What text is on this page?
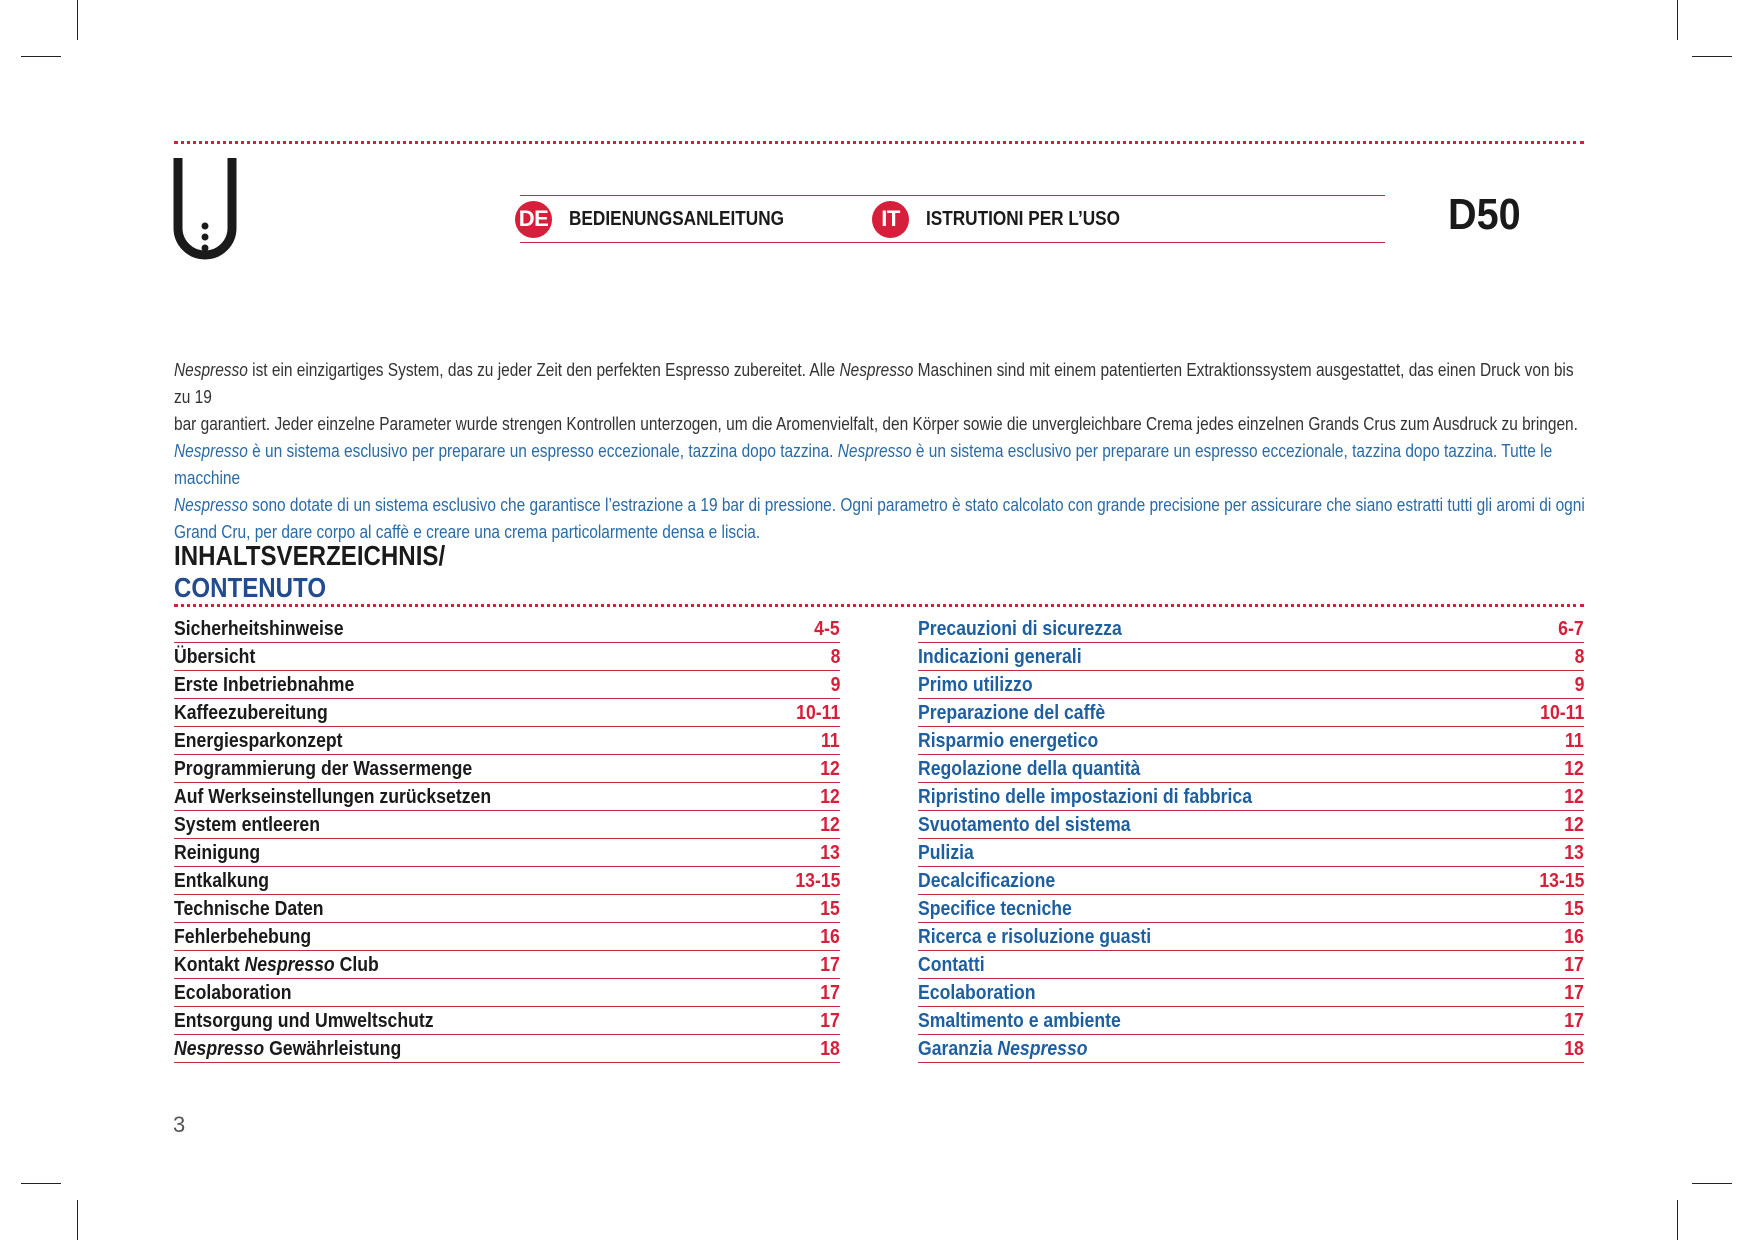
DE BEDIENUNGSANLEITUNG	IT	ISTRUTIONI PER L’USO	D50

Nespresso ist ein einzigartiges System, das zu jeder Zeit den perfekten Espresso zubereitet. Alle Nespresso Maschinen sind mit einem patentierten Extraktionssystem ausgestattet, das einen Druck von bis zu 19

bar garantiert. Jeder einzelne Parameter wurde strengen Kontrollen unterzogen, um die Aromenvielfalt, den Körper sowie die unvergleichbare Crema jedes einzelnen Grands Crus zum Ausdruck zu bringen.

Nespresso è un sistema esclusivo per preparare un espresso eccezionale, tazzina dopo tazzina. Nespresso è un sistema esclusivo per preparare un espresso eccezionale, tazzina dopo tazzina. Tutte le macchine

Nespresso sono dotate di un sistema esclusivo che garantisce l’estrazione a 19 bar di pressione. Ogni parametro è stato calcolato con grande precisione per assicurare che siano estratti tutti gli aromi di ogni

Grand Cru, per dare corpo al caffè e creare una crema particolarmente densa e liscia.

INHALTSVERZEICHNIS/
CONTENUTO
Sicherheitshinweise	4-5
Übersicht	8
Erste Inbetriebnahme	9
Kaffeezubereitung	10-11
Energiesparkonzept	11
Programmierung der Wassermenge	12
Auf Werkseinstellungen zurücksetzen	12
System entleeren	12
Reinigung	13
Entkalkung	13-15
Technische Daten	15
Fehlerbehebung	16
Kontakt Nespresso Club	17
Ecolaboration	17
Entsorgung und Umweltschutz	17
Nespresso Gewährleistung	18
Precauzioni di sicurezza	6-7
Indicazioni generali	8
Primo utilizzo	9
Preparazione del caffè	10-11
Risparmio energetico	11
Regolazione della quantità	12
Ripristino delle impostazioni di fabbrica	12
Svuotamento del sistema	12
Pulizia	13
Decalcificazione	13-15
Specifice tecniche	15
Ricerca e risoluzione guasti	16
Contatti	17
Ecolaboration	17
Smaltimento e ambiente	17
Garanzia Nespresso	18
3
